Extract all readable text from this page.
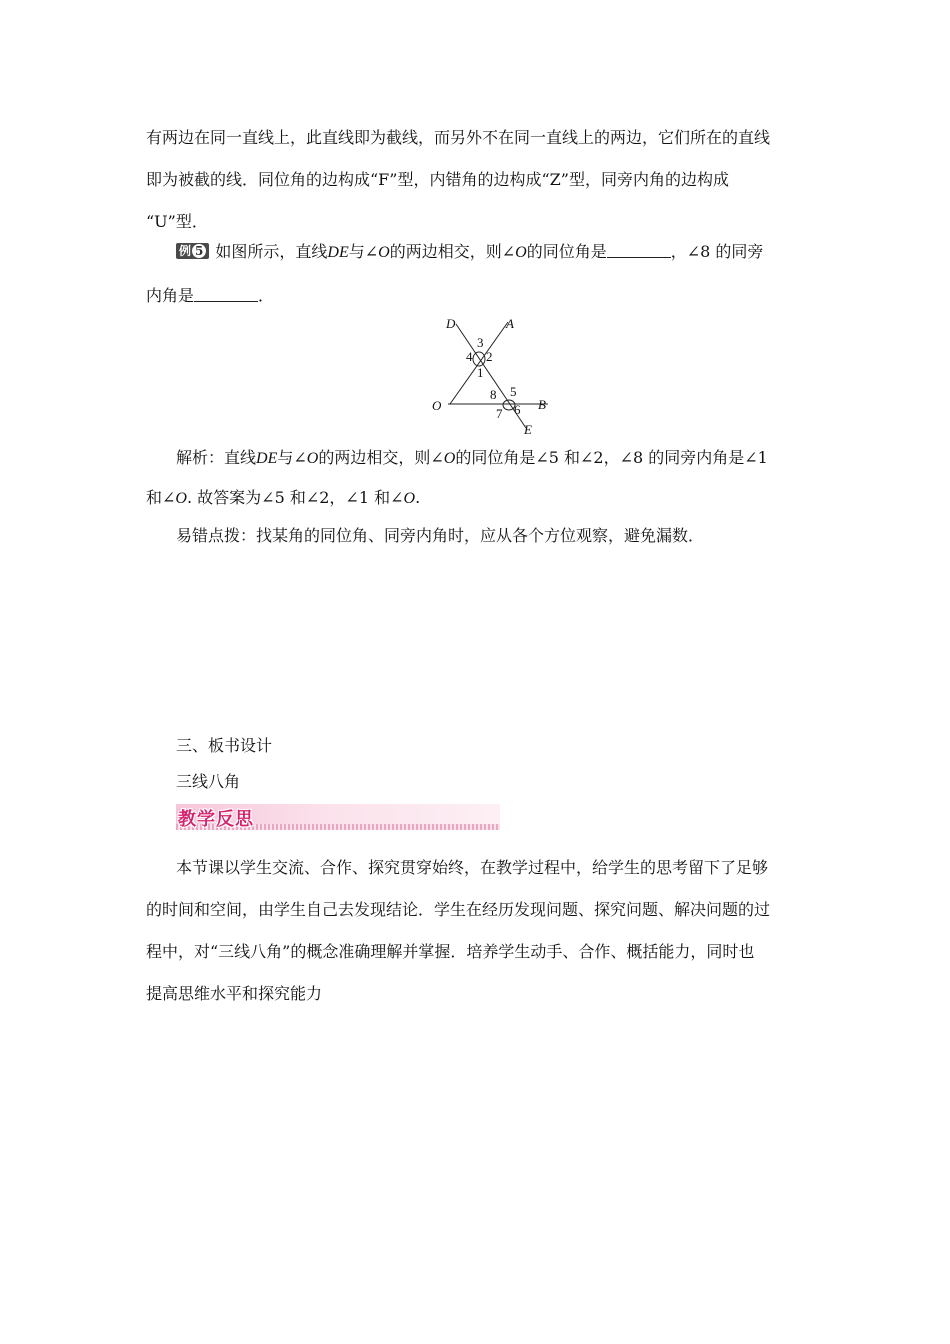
有两边在同一直线上，此直线即为截线，而另外不在同一直线上的两边，它们所在的直线
即为被截的线．同位角的边构成“F”型，内错角的边构成“Z”型，同旁内角的边构成
“U”型．
例 5 如图所示，直线DE与∠O的两边相交，则∠O的同位角是	，∠8 的同旁
内角是	．
D	A
O	B
E
1
2
3
4
5
6
7
8
解析：直线DE与∠O的两边相交，则∠O的同位角是∠5 和∠2，∠8 的同旁内角是∠1
和∠O. 故答案为∠5 和∠2，∠1 和∠O.
易错点拨：找某角的同位角、同旁内角时，应从各个方位观察，避免漏数．
三、板书设计
三线八角
教学反思
本节课以学生交流、合作、探究贯穿始终，在教学过程中，给学生的思考留下了足够
的时间和空间，由学生自己去发现结论．学生在经历发现问题、探究问题、解决问题的过
程中，对“三线八角”的概念准确理解并掌握．培养学生动手、合作、概括能力，同时也
提高思维水平和探究能力
